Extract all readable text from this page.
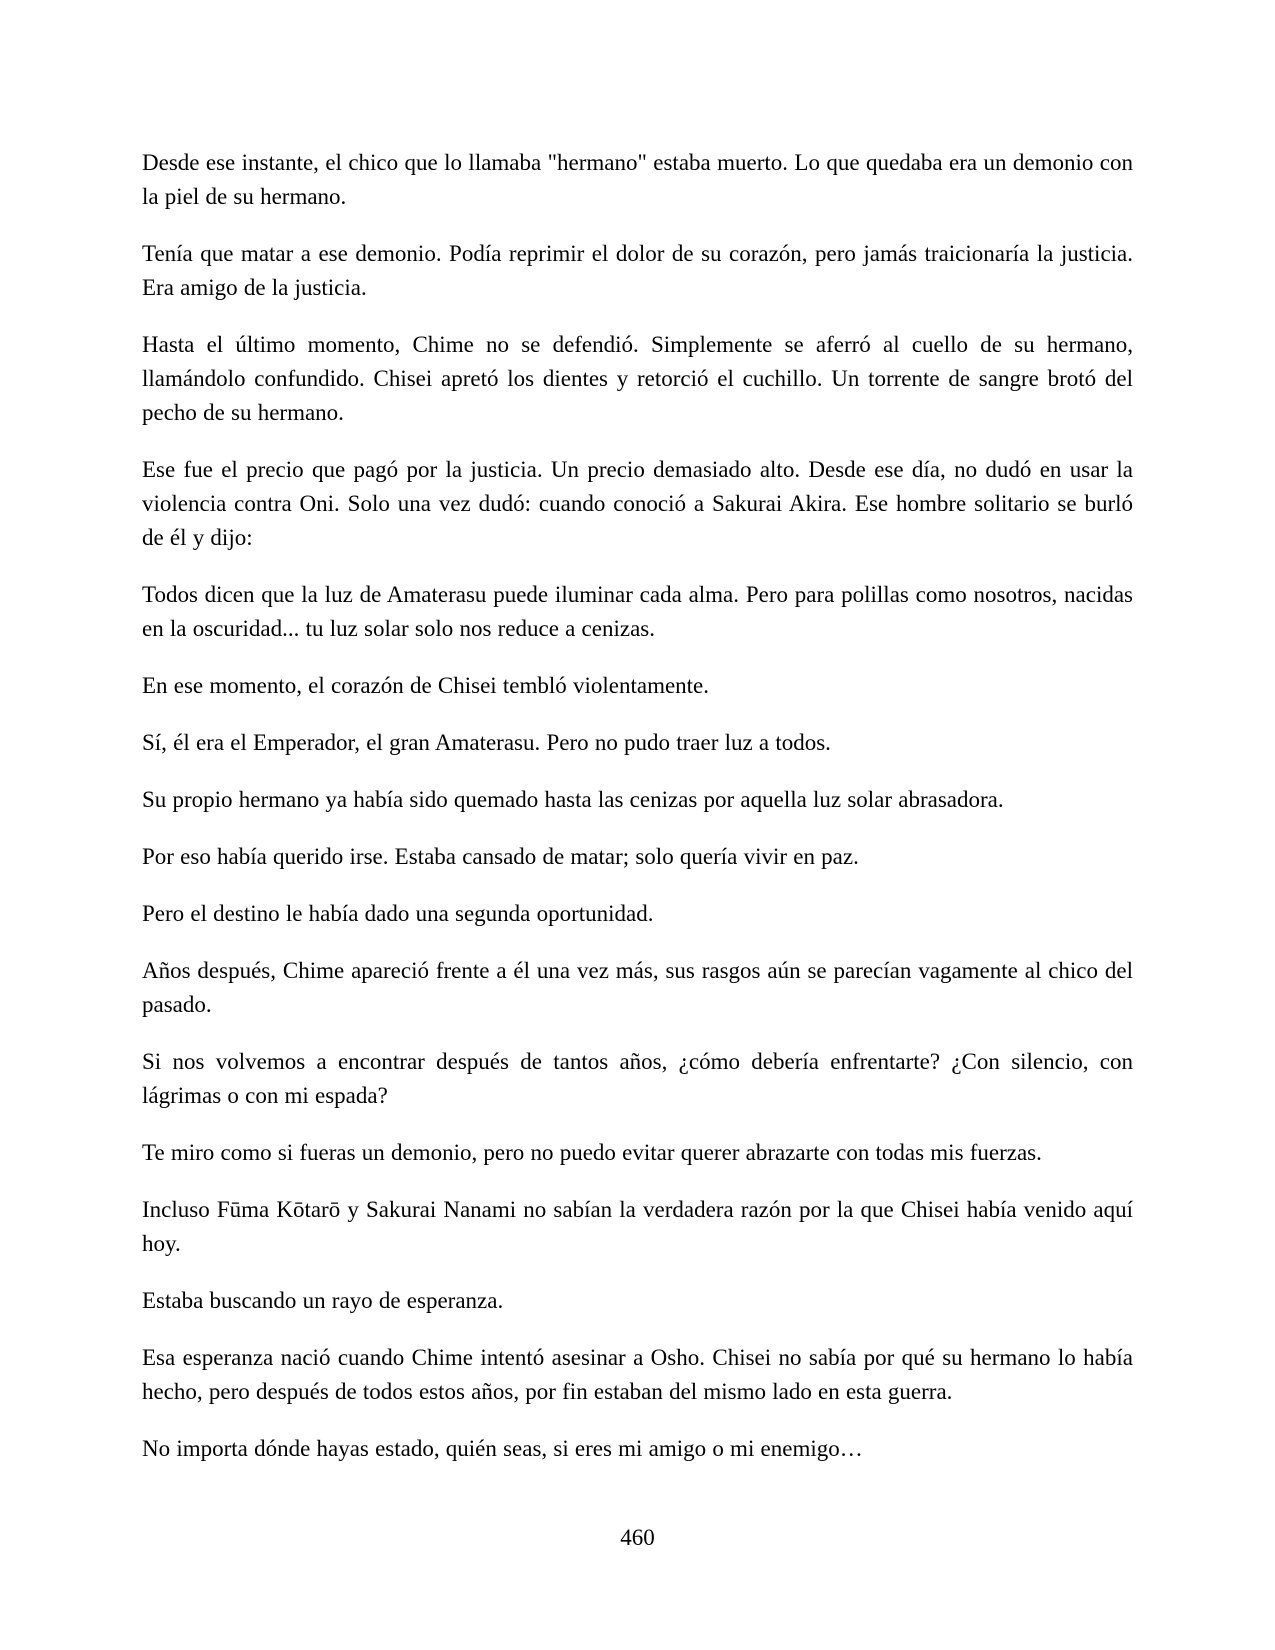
Desde ese instante, el chico que lo llamaba "hermano" estaba muerto. Lo que quedaba era un demonio con la piel de su hermano.

Tenía que matar a ese demonio. Podía reprimir el dolor de su corazón, pero jamás traicionaría la justicia. Era amigo de la justicia.

Hasta el último momento, Chime no se defendió. Simplemente se aferró al cuello de su hermano, llamándolo confundido. Chisei apretó los dientes y retorció el cuchillo. Un torrente de sangre brotó del pecho de su hermano.

Ese fue el precio que pagó por la justicia. Un precio demasiado alto. Desde ese día, no dudó en usar la violencia contra Oni. Solo una vez dudó: cuando conoció a Sakurai Akira. Ese hombre solitario se burló de él y dijo:

Todos dicen que la luz de Amaterasu puede iluminar cada alma. Pero para polillas como nosotros, nacidas en la oscuridad... tu luz solar solo nos reduce a cenizas.

En ese momento, el corazón de Chisei tembló violentamente.

Sí, él era el Emperador, el gran Amaterasu. Pero no pudo traer luz a todos.

Su propio hermano ya había sido quemado hasta las cenizas por aquella luz solar abrasadora.

Por eso había querido irse. Estaba cansado de matar; solo quería vivir en paz.

Pero el destino le había dado una segunda oportunidad.

Años después, Chime apareció frente a él una vez más, sus rasgos aún se parecían vagamente al chico del pasado.

Si nos volvemos a encontrar después de tantos años, ¿cómo debería enfrentarte? ¿Con silencio, con lágrimas o con mi espada?

Te miro como si fueras un demonio, pero no puedo evitar querer abrazarte con todas mis fuerzas.

Incluso Fūma Kōtarō y Sakurai Nanami no sabían la verdadera razón por la que Chisei había venido aquí hoy.

Estaba buscando un rayo de esperanza.

Esa esperanza nació cuando Chime intentó asesinar a Osho. Chisei no sabía por qué su hermano lo había hecho, pero después de todos estos años, por fin estaban del mismo lado en esta guerra.

No importa dónde hayas estado, quién seas, si eres mi amigo o mi enemigo…

460
